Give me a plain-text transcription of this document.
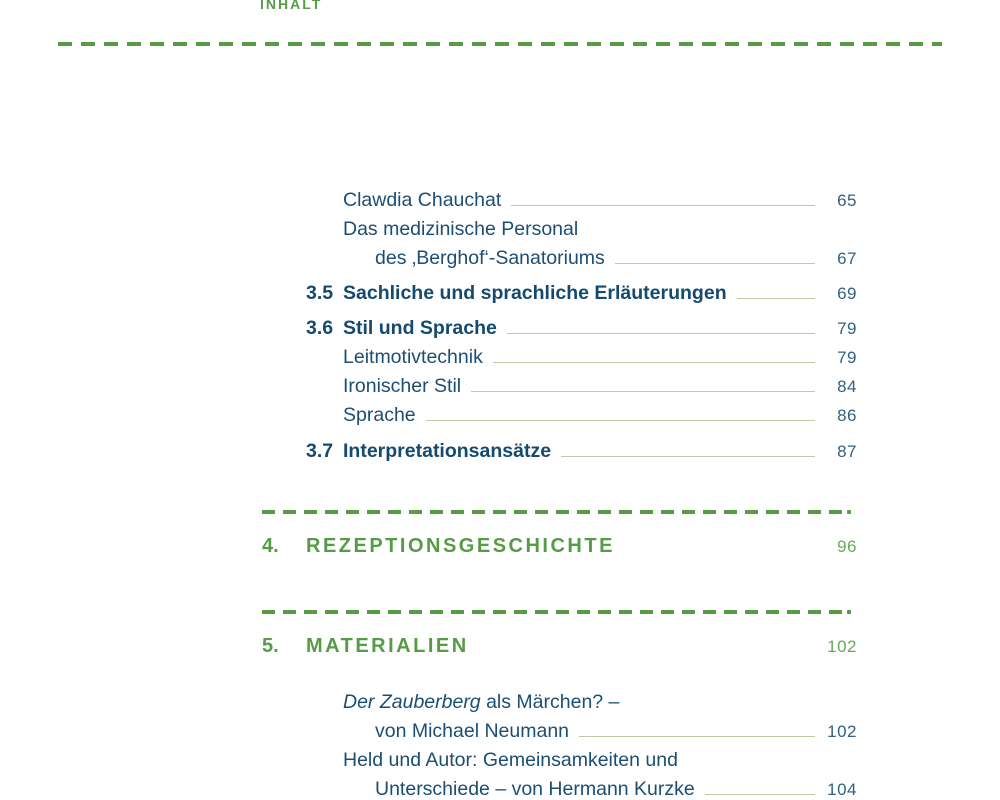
INHALT
Clawdia Chauchat	65
Das medizinische Personal
des ‚Berghof‘-Sanatoriums	67
3.5 Sachliche und sprachliche Erläuterungen	69
3.6 Stil und Sprache	79
Leitmotivtechnik	79
Ironischer Stil	84
Sprache	86
3.7 Interpretationsansätze	87
4.	REZEPTIONSGESCHICHTE	96
5.	MATERIALIEN	102
Der Zauberberg als Märchen? –
von Michael Neumann	102
Held und Autor: Gemeinsamkeiten und
Unterschiede – von Hermann Kurzke	104
